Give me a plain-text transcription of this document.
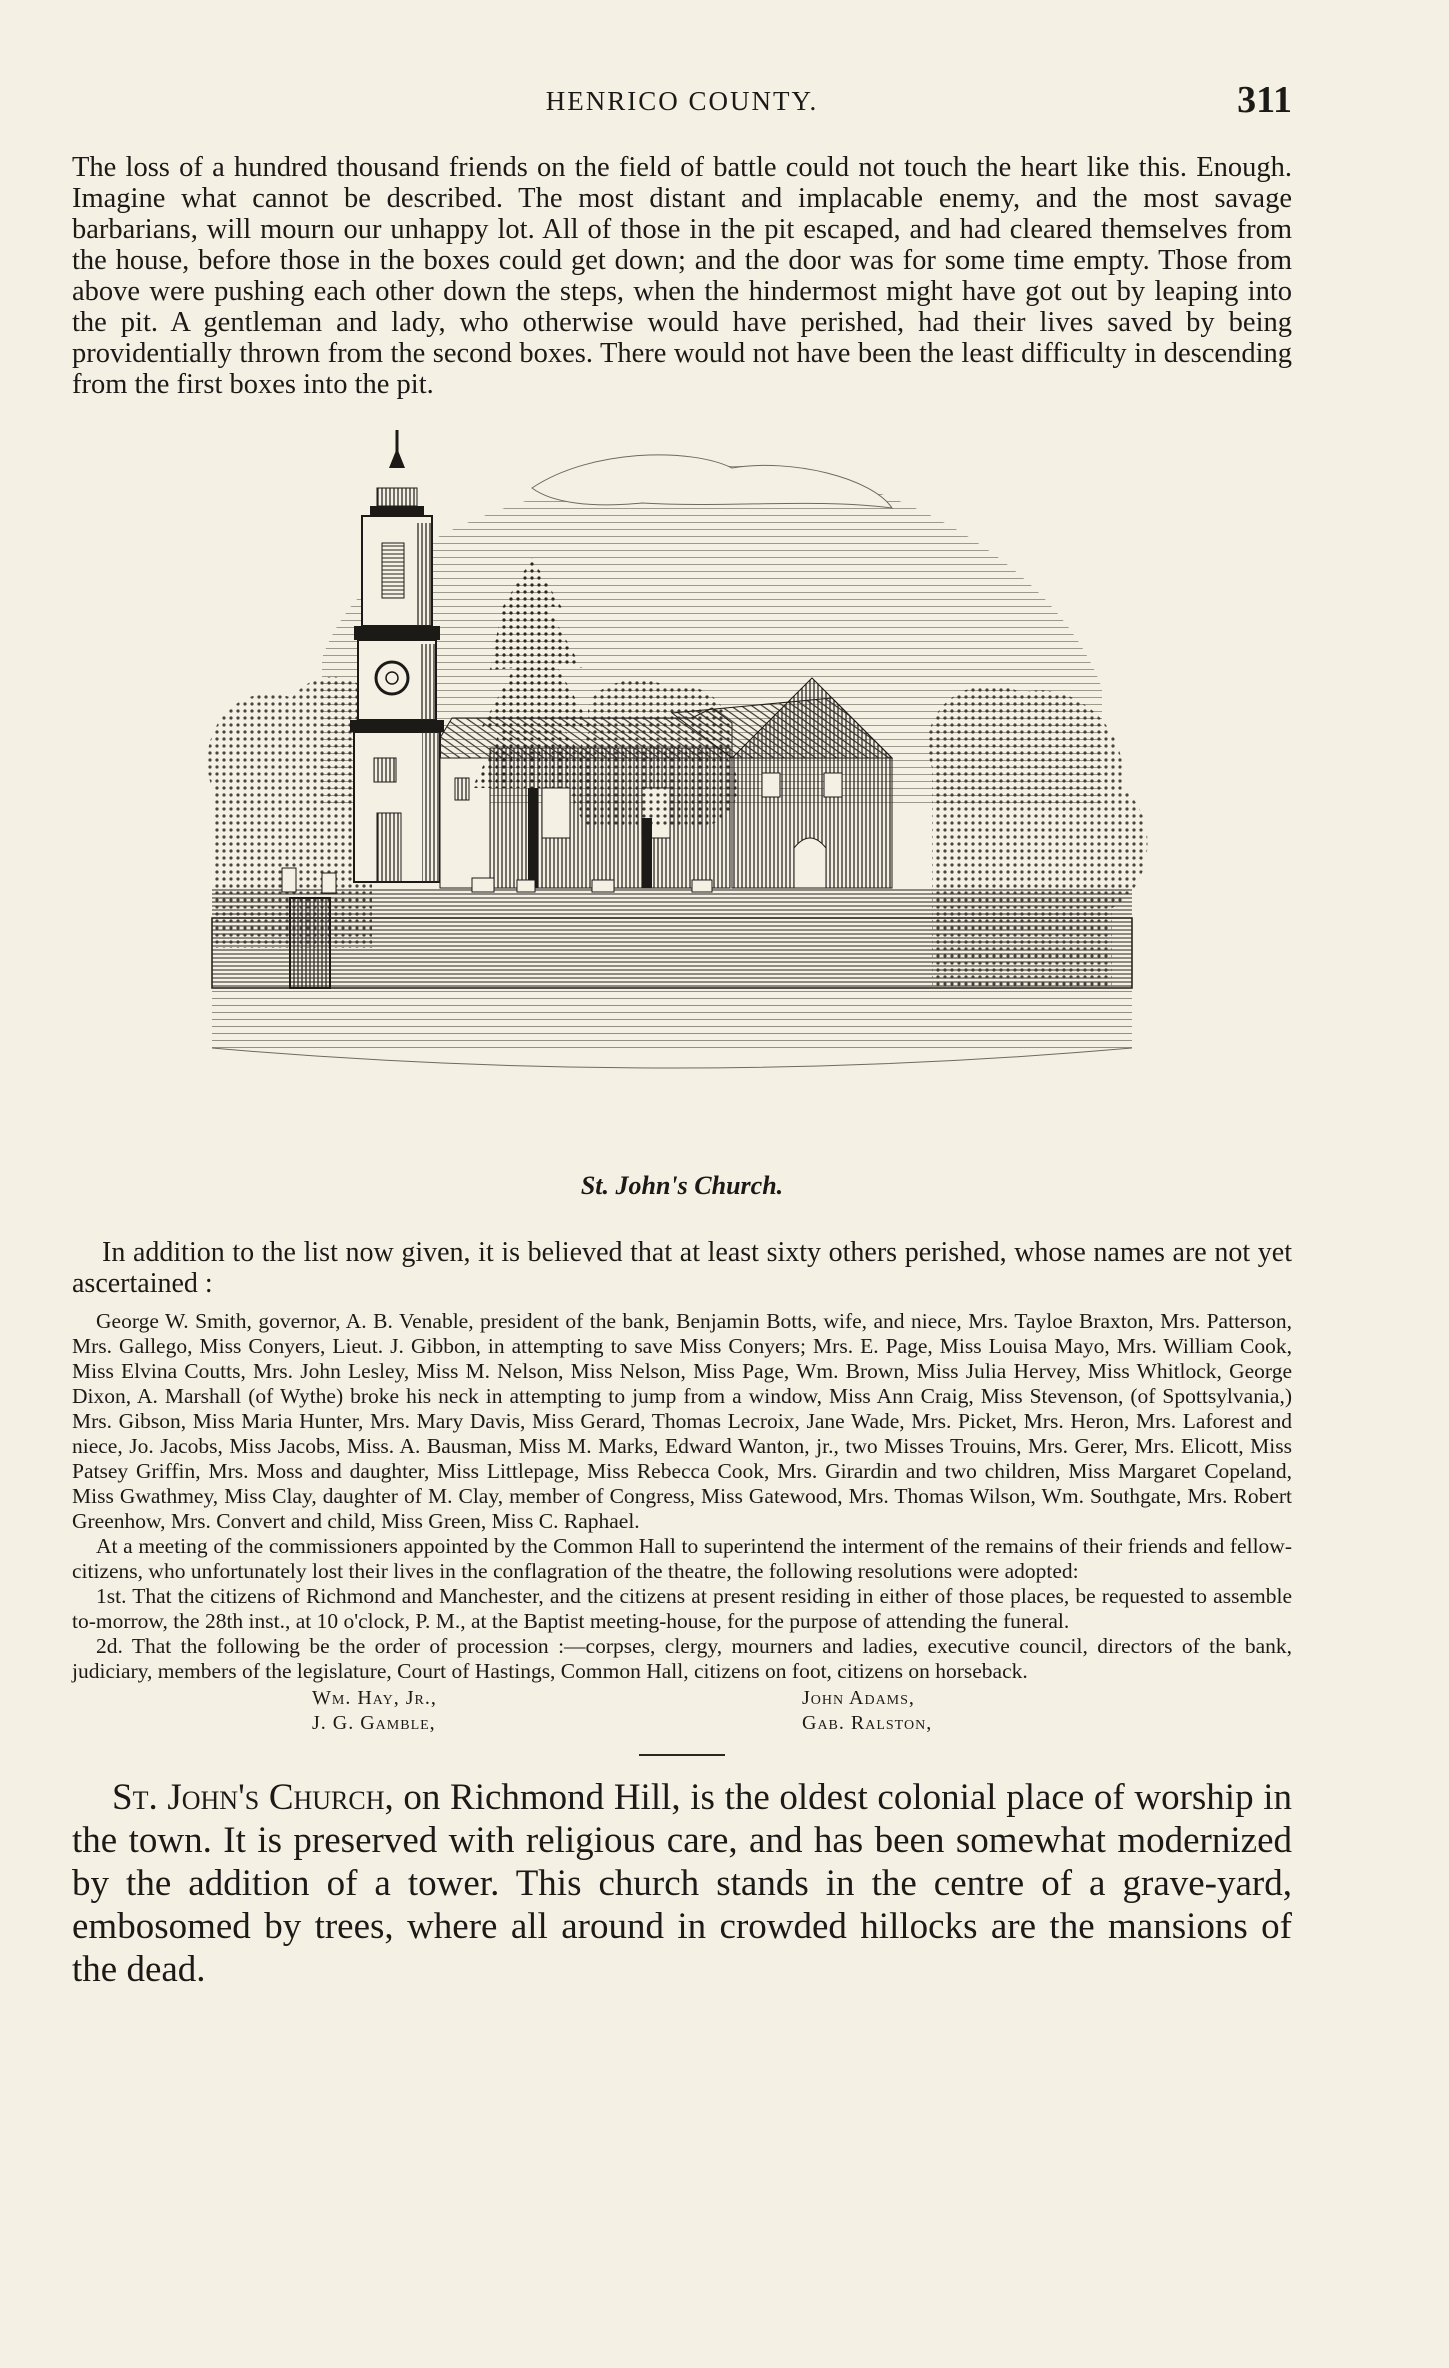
HENRICO COUNTY.	311

The loss of a hundred thousand friends on the field of battle could not touch the heart like this. Enough. Imagine what cannot be described. The most distant and implacable enemy, and the most savage barbarians, will mourn our unhappy lot. All of those in the pit escaped, and had cleared themselves from the house, before those in the boxes could get down; and the door was for some time empty. Those from above were pushing each other down the steps, when the hindermost might have got out by leaping into the pit. A gentleman and lady, who otherwise would have perished, had their lives saved by being providentially thrown from the second boxes. There would not have been the least difficulty in descending from the first boxes into the pit.

St. John's Church.

In addition to the list now given, it is believed that at least sixty others perished, whose names are not yet ascertained :

George W. Smith, governor, A. B. Venable, president of the bank, Benjamin Botts, wife, and niece, Mrs. Tayloe Braxton, Mrs. Patterson, Mrs. Gallego, Miss Conyers, Lieut. J. Gibbon, in attempting to save Miss Conyers; Mrs. E. Page, Miss Louisa Mayo, Mrs. William Cook, Miss Elvina Coutts, Mrs. John Lesley, Miss M. Nelson, Miss Nelson, Miss Page, Wm. Brown, Miss Julia Hervey, Miss Whitlock, George Dixon, A. Marshall (of Wythe) broke his neck in attempting to jump from a window, Miss Ann Craig, Miss Stevenson, (of Spottsylvania,) Mrs. Gibson, Miss Maria Hunter, Mrs. Mary Davis, Miss Gerard, Thomas Lecroix, Jane Wade, Mrs. Picket, Mrs. Heron, Mrs. Laforest and niece, Jo. Jacobs, Miss Jacobs, Miss. A. Bausman, Miss M. Marks, Edward Wanton, jr., two Misses Trouins, Mrs. Gerer, Mrs. Elicott, Miss Patsey Griffin, Mrs. Moss and daughter, Miss Littlepage, Miss Rebecca Cook, Mrs. Girardin and two children, Miss Margaret Copeland, Miss Gwathmey, Miss Clay, daughter of M. Clay, member of Congress, Miss Gatewood, Mrs. Thomas Wilson, Wm. Southgate, Mrs. Robert Greenhow, Mrs. Convert and child, Miss Green, Miss C. Raphael.

At a meeting of the commissioners appointed by the Common Hall to superintend the interment of the remains of their friends and fellow-citizens, who unfortunately lost their lives in the conflagration of the theatre, the following resolutions were adopted:

1st. That the citizens of Richmond and Manchester, and the citizens at present residing in either of those places, be requested to assemble to-morrow, the 28th inst., at 10 o'clock, P. M., at the Baptist meeting-house, for the purpose of attending the funeral.

2d. That the following be the order of procession :—corpses, clergy, mourners and ladies, executive council, directors of the bank, judiciary, members of the legislature, Court of Hastings, Common Hall, citizens on foot, citizens on horseback.

Wm. Hay, Jr.,	John Adams,
J. G. Gamble,	Gab. Ralston,

St. John's Church, on Richmond Hill, is the oldest colonial place of worship in the town. It is preserved with religious care, and has been somewhat modernized by the addition of a tower. This church stands in the centre of a grave-yard, embosomed by trees, where all around in crowded hillocks are the mansions of the dead.
